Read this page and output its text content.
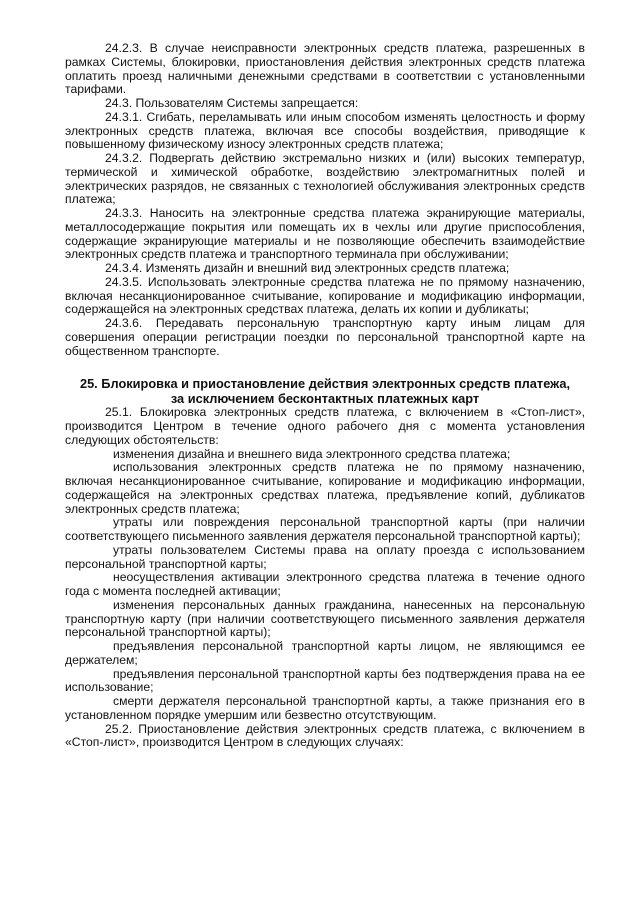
24.2.3. В случае неисправности электронных средств платежа, разрешенных в рамках Системы, блокировки, приостановления действия электронных средств платежа оплатить проезд наличными денежными средствами в соответствии с установленными тарифами.

24.3. Пользователям Системы запрещается:

24.3.1. Сгибать, переламывать или иным способом изменять целостность и форму электронных средств платежа, включая все способы воздействия, приводящие к повышенному физическому износу электронных средств платежа;

24.3.2. Подвергать действию экстремально низких и (или) высоких температур, термической и химической обработке, воздействию электромагнитных полей и электрических разрядов, не связанных с технологией обслуживания электронных средств платежа;

24.3.3. Наносить на электронные средства платежа экранирующие материалы, металлосодержащие покрытия или помещать их в чехлы или другие приспособления, содержащие экранирующие материалы и не позволяющие обеспечить взаимодействие электронных средств платежа и транспортного терминала при обслуживании;

24.3.4. Изменять дизайн и внешний вид электронных средств платежа;

24.3.5. Использовать электронные средства платежа не по прямому назначению, включая несанкционированное считывание, копирование и модификацию информации, содержащейся на электронных средствах платежа, делать их копии и дубликаты;

24.3.6. Передавать персональную транспортную карту иным лицам для совершения операции регистрации поездки по персональной транспортной карте на общественном транспорте.

25. Блокировка и приостановление действия электронных средств платежа,
за исключением бесконтактных платежных карт

25.1. Блокировка электронных средств платежа, с включением в «Стоп-лист», производится Центром в течение одного рабочего дня с момента установления следующих обстоятельств:

изменения дизайна и внешнего вида электронного средства платежа;

использования электронных средств платежа не по прямому назначению, включая несанкционированное считывание, копирование и модификацию информации, содержащейся на электронных средствах платежа, предъявление копий, дубликатов электронных средств платежа;

утраты или повреждения персональной транспортной карты (при наличии соответствующего письменного заявления держателя персональной транспортной карты);

утраты пользователем Системы права на оплату проезда с использованием персональной транспортной карты;

неосуществления активации электронного средства платежа в течение одного года с момента последней активации;

изменения персональных данных гражданина, нанесенных на персональную транспортную карту (при наличии соответствующего письменного заявления держателя персональной транспортной карты);

предъявления персональной транспортной карты лицом, не являющимся ее держателем;

предъявления персональной транспортной карты без подтверждения права на ее использование;

смерти держателя персональной транспортной карты, а также признания его в установленном порядке умершим или безвестно отсутствующим.

25.2. Приостановление действия электронных средств платежа, с включением в «Стоп-лист», производится Центром в следующих случаях:
